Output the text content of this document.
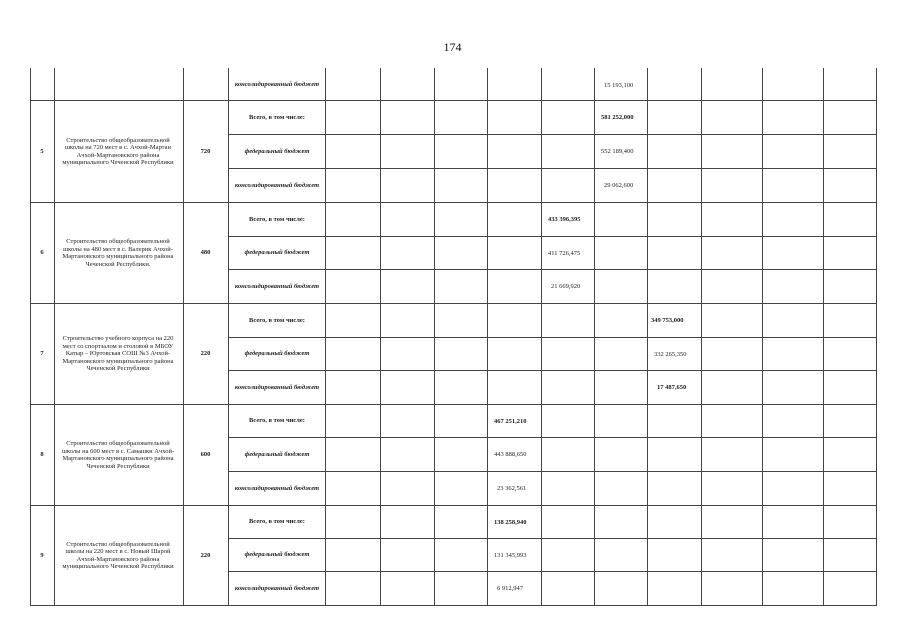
174
консолидированный бюджет	15 193,100
5
Строительство общеобразовательной школы на 720 мест в с. Ачхой-Мартан Ачхой-Мартановского района муниципального Чеченской Республики
720
Всего, в том числе:
федеральный бюджет
консолидированный бюджет
581 252,000
552 189,400
29 062,600
6
Строительство общеобразовательной школы на 480 мест в с. Валерик Ачхой-Мартановского муниципального района Чеченской Республики.
480
Всего, в том числе:
федеральный бюджет
консолидированный бюджет
433 396,395
411 726,475
21 669,920
7
Строительство учебного корпуса на 220 мест со спортзалом и столовой в МБОУ Катыр – Юртовская СОШ №3 Ачхой-Мартановского муниципального района Чеченской Республики
220
Всего, в том числе:
федеральный бюджет
консолидированный бюджет
349 753,000
332 265,350
17 487,650
8
Строительство общеобразовательной школы на 600 мест в с. Самашки Ачхой-Мартановского муниципального района Чеченской Республики
600
Всего, в том числе:
федеральный бюджет
консолидированный бюджет
467 251,210
443 888,650
23 362,561
9
Строительство общеобразовательной школы на 220 мест в с. Новый Шарой Ачхой-Мартановского района муниципального Чеченской Республики
220
Всего, в том числе:
федеральный бюджет
консолидированный бюджет
138 258,940
131 345,993
6 912,947
